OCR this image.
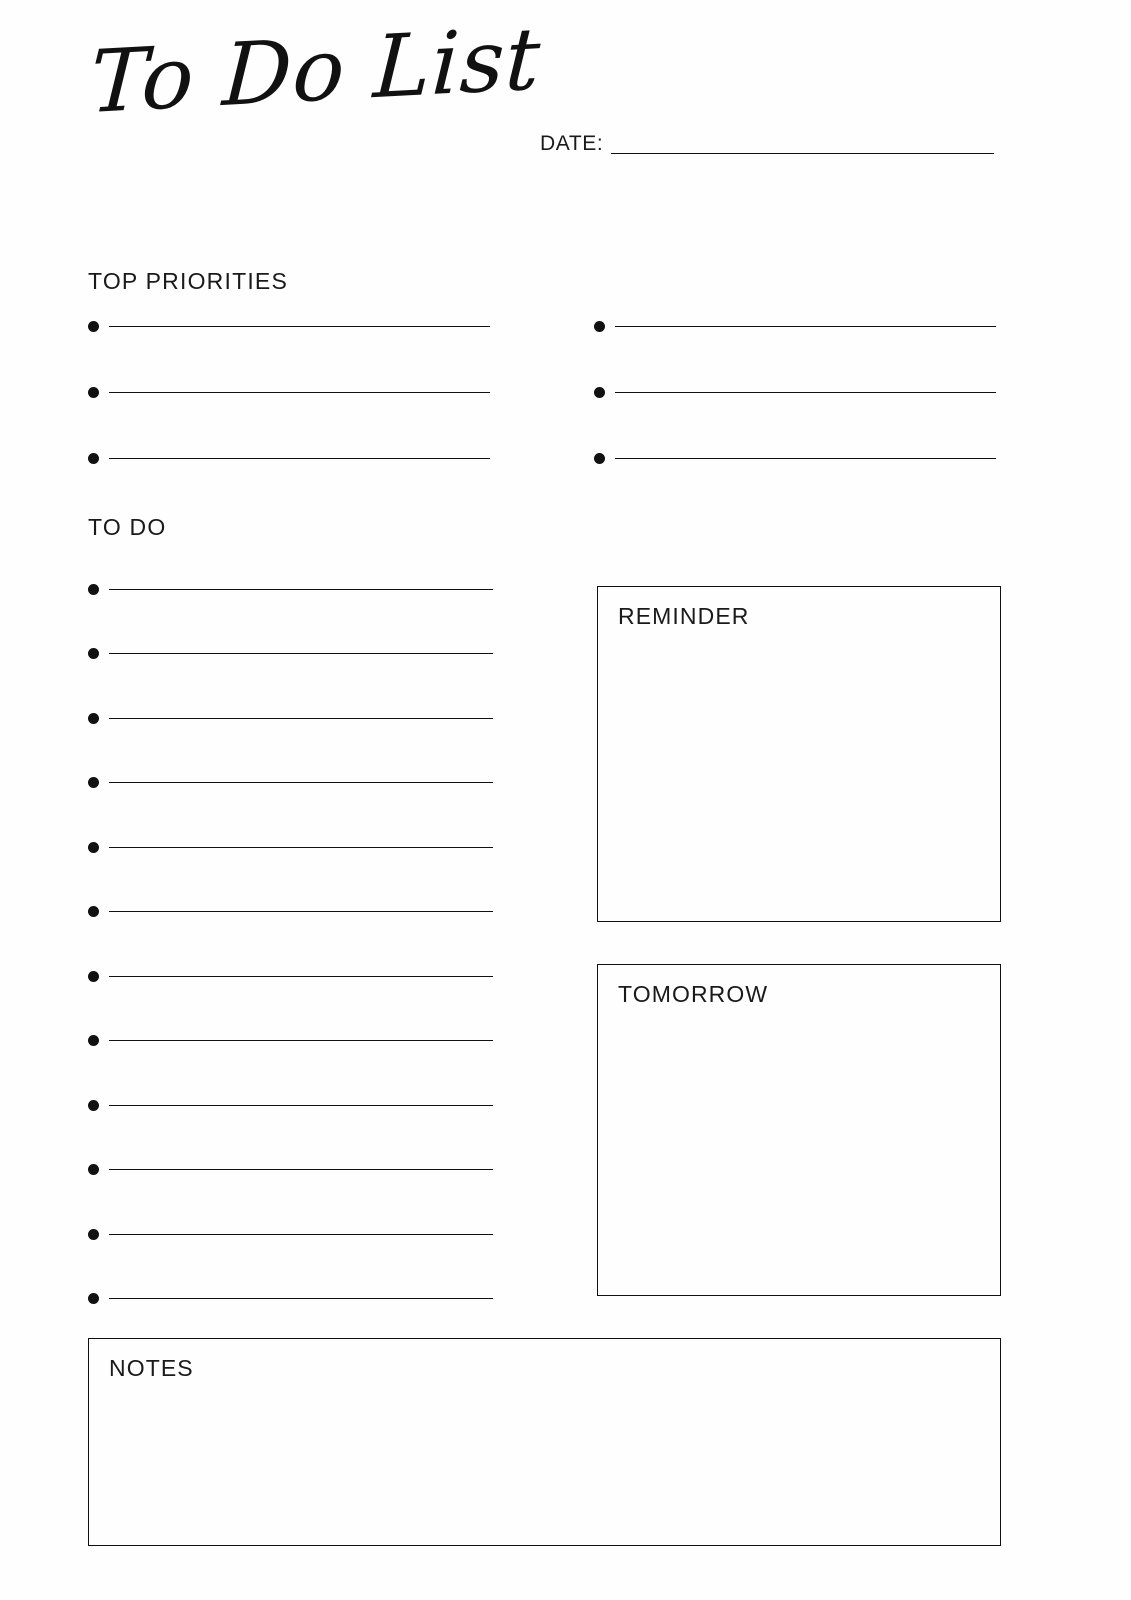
To Do List
DATE:
TOP PRIORITIES
TO DO
REMINDER
TOMORROW
NOTES
